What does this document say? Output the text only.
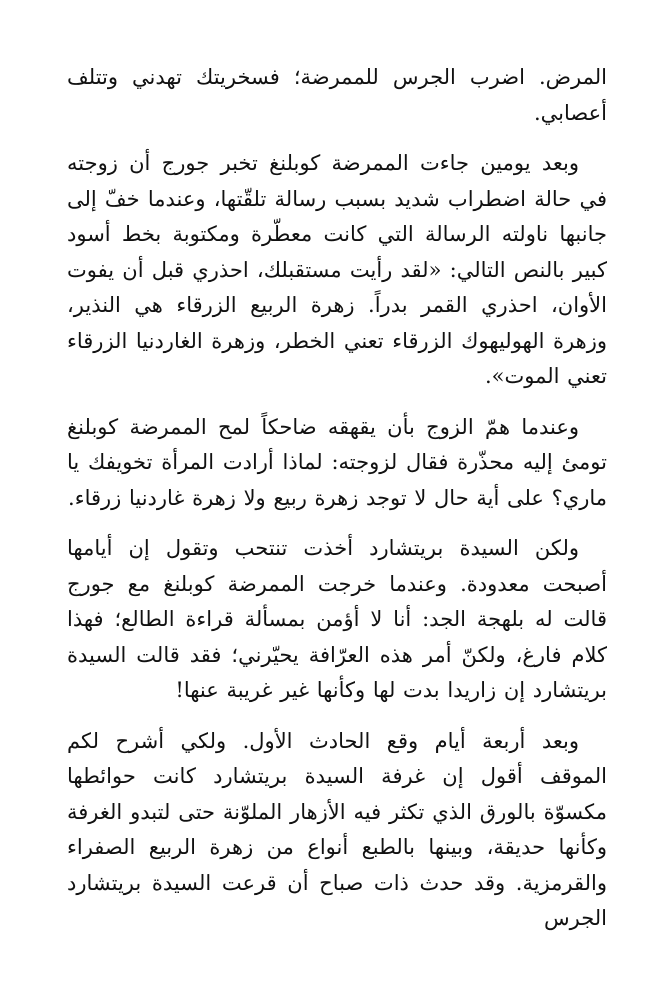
المرض. اضرب الجرس للممرضة؛ فسخريتك تهدني وتتلف أعصابي.

وبعد يومين جاءت الممرضة كوبلنغ تخبر جورج أن زوجته في حالة اضطراب شديد بسبب رسالة تلقّتها، وعندما خفّ إلى جانبها ناولته الرسالة التي كانت معطّرة ومكتوبة بخط أسود كبير بالنص التالي: «لقد رأيت مستقبلك، احذري قبل أن يفوت الأوان، احذري القمر بدراً. زهرة الربيع الزرقاء هي النذير، وزهرة الهوليهوك الزرقاء تعني الخطر، وزهرة الغاردنيا الزرقاء تعني الموت».

وعندما همّ الزوج بأن يقهقه ضاحكاً لمح الممرضة كوبلنغ تومئ إليه محذّرة فقال لزوجته: لماذا أرادت المرأة تخويفك يا ماري؟ على أية حال لا توجد زهرة ربيع ولا زهرة غاردنيا زرقاء.

ولكن السيدة بريتشارد أخذت تنتحب وتقول إن أيامها أصبحت معدودة. وعندما خرجت الممرضة كوبلنغ مع جورج قالت له بلهجة الجد: أنا لا أؤمن بمسألة قراءة الطالع؛ فهذا كلام فارغ، ولكنّ أمر هذه العرّافة يحيّرني؛ فقد قالت السيدة بريتشارد إن زاريدا بدت لها وكأنها غير غريبة عنها!

وبعد أربعة أيام وقع الحادث الأول. ولكي أشرح لكم الموقف أقول إن غرفة السيدة بريتشارد كانت حوائطها مكسوّة بالورق الذي تكثر فيه الأزهار الملوّنة حتى لتبدو الغرفة وكأنها حديقة، وبينها بالطبع أنواع من زهرة الربيع الصفراء والقرمزية. وقد حدث ذات صباح أن قرعت السيدة بريتشارد الجرس
